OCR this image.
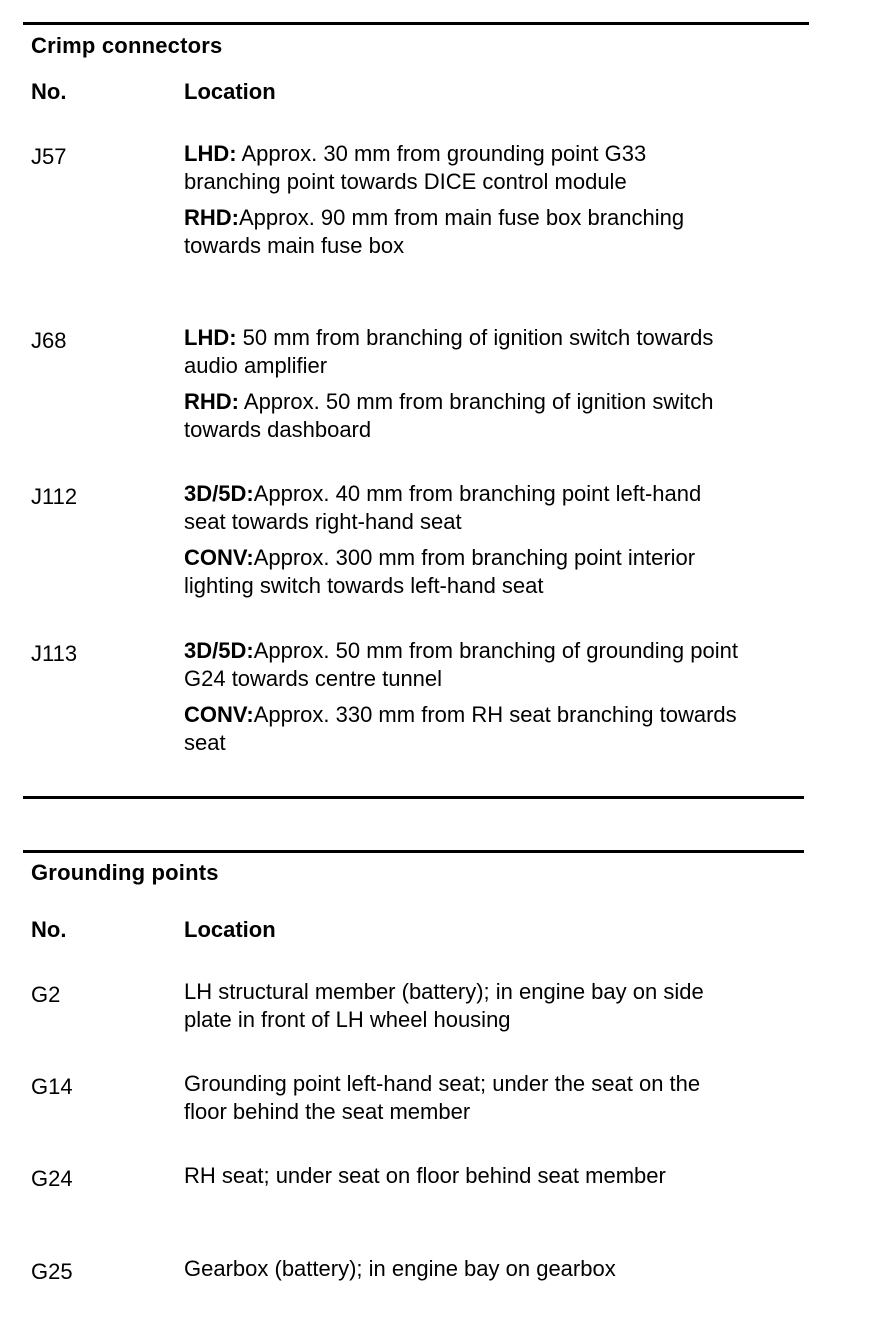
Crimp connectors
No.	Location
J57	LHD: Approx. 30 mm from grounding point G33 branching point towards DICE control module

RHD:Approx. 90 mm from main fuse box branching towards main fuse box

J68	LHD: 50 mm from branching of ignition switch towards audio amplifier

RHD: Approx. 50 mm from branching of ignition switch towards dashboard

J112	3D/5D:Approx. 40 mm from branching point left-hand seat towards right-hand seat

CONV:Approx. 300 mm from branching point interior lighting switch towards left-hand seat

J113	3D/5D:Approx. 50 mm from branching of grounding point G24 towards centre tunnel

CONV:Approx. 330 mm from RH seat branching towards seat

Grounding points
No.	Location
G2	LH structural member (battery); in engine bay on side plate in front of LH wheel housing

G14	Grounding point left-hand seat; under the seat on the floor behind the seat member

G24	RH seat; under seat on floor behind seat member

G25	Gearbox (battery); in engine bay on gearbox
